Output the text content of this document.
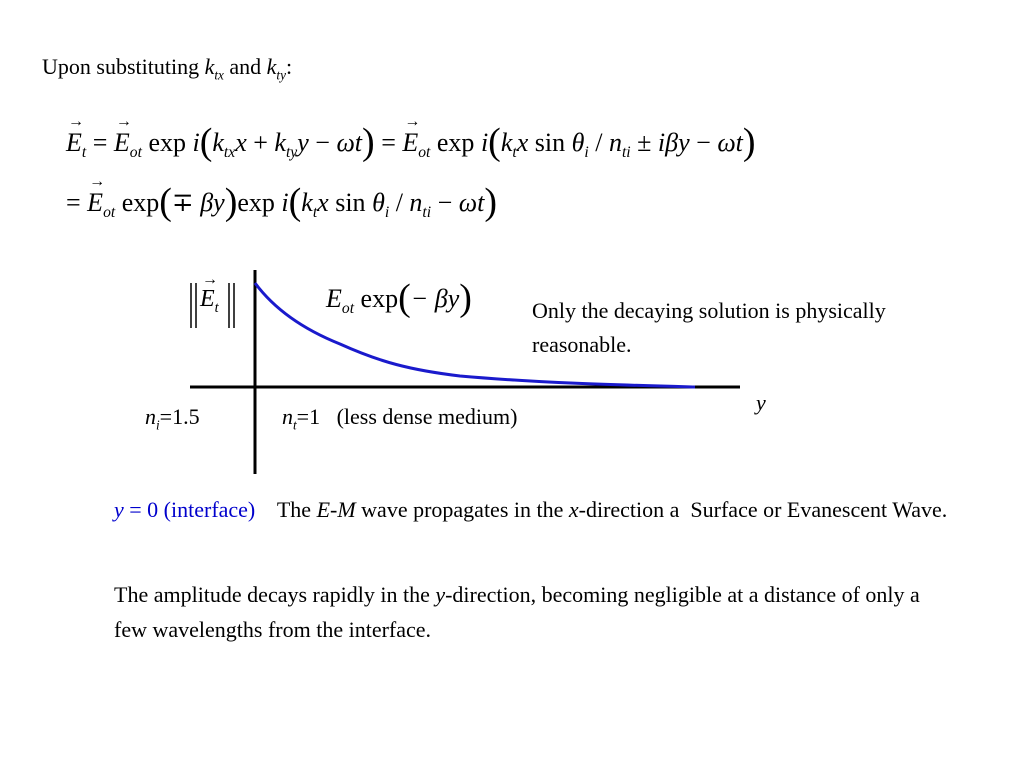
Upon substituting $k_{tx}$ and $k_{ty}$:
→ $E_t$ = → $E_{ot}$ $\exp i(k_{tx}x + k_{ty}y - \omega t)$ = → $E_{ot}$ $\exp i(k_tx$ $\sin \theta_i / n_{ti} \pm i\beta y - \omega t$)
= → $E_{ot}$ exp(∓ βy)exp $i(k_tx$ $\sin \theta_i / n_{ti} - \omega t$)
→ $E_t$	$E_{ot}$ exp(− βy)	Only the decaying solution is physically reasonable.
y
$n_i=1.5$	$n_t=1$   (less dense medium)
y = 0 (interface)    The E-M wave propagates in the x-direction a  Surface or Evanescent Wave.
The amplitude decays rapidly in the y-direction, becoming negligible at a distance of only a few wavelengths from the interface.
